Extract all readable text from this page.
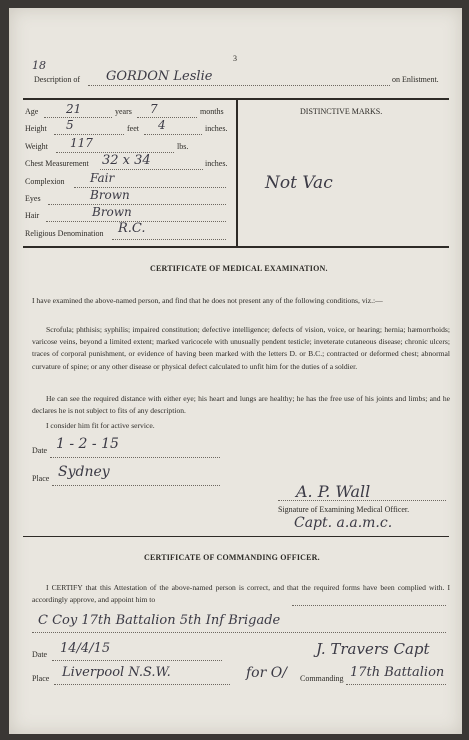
3
18
Description of GORDON Leslie	on Enlistment.
Age 21	years 7	months
Height 5	feet 4	inches.
Weight 117	lbs.
Chest Measurement 32 x 34	inches.
Complexion Fair
Eyes	Brown
Hair	Brown
Religious Denomination R.C.
DISTINCTIVE MARKS.
Not Vac
CERTIFICATE OF MEDICAL EXAMINATION.
I have examined the above-named person, and find that he does not present any of the following conditions, viz.:—
Scrofula; phthisis; syphilis; impaired constitution; defective intelligence; defects of vision, voice, or hearing; hernia; hæmorrhoids; varicose veins, beyond a limited extent; marked varicocele with unusually pendent testicle; inveterate cutaneous disease; chronic ulcers; traces of corporal punishment, or evidence of having been marked with the letters D. or B.C.; contracted or deformed chest; abnormal curvature of spine; or any other disease or physical defect calculated to unfit him for the duties of a soldier.
He can see the required distance with either eye; his heart and lungs are healthy; he has the free use of his joints and limbs; and he declares he is not subject to fits of any description.
I consider him fit for active service.
Date 1 - 2 - 15
Place Sydney
A. P. Wall
Signature of Examining Medical Officer.
Capt. a.a.m.c.
CERTIFICATE OF COMMANDING OFFICER.
I CERTIFY that this Attestation of the above-named person is correct, and that the required forms have been complied with. I accordingly approve, and appoint him to
C Coy 17th Battalion 5th Inf Brigade
Date 14/4/15	J. Travers Capt
Place Liverpool N.S.W.	for O/ Commanding 17th Battalion
